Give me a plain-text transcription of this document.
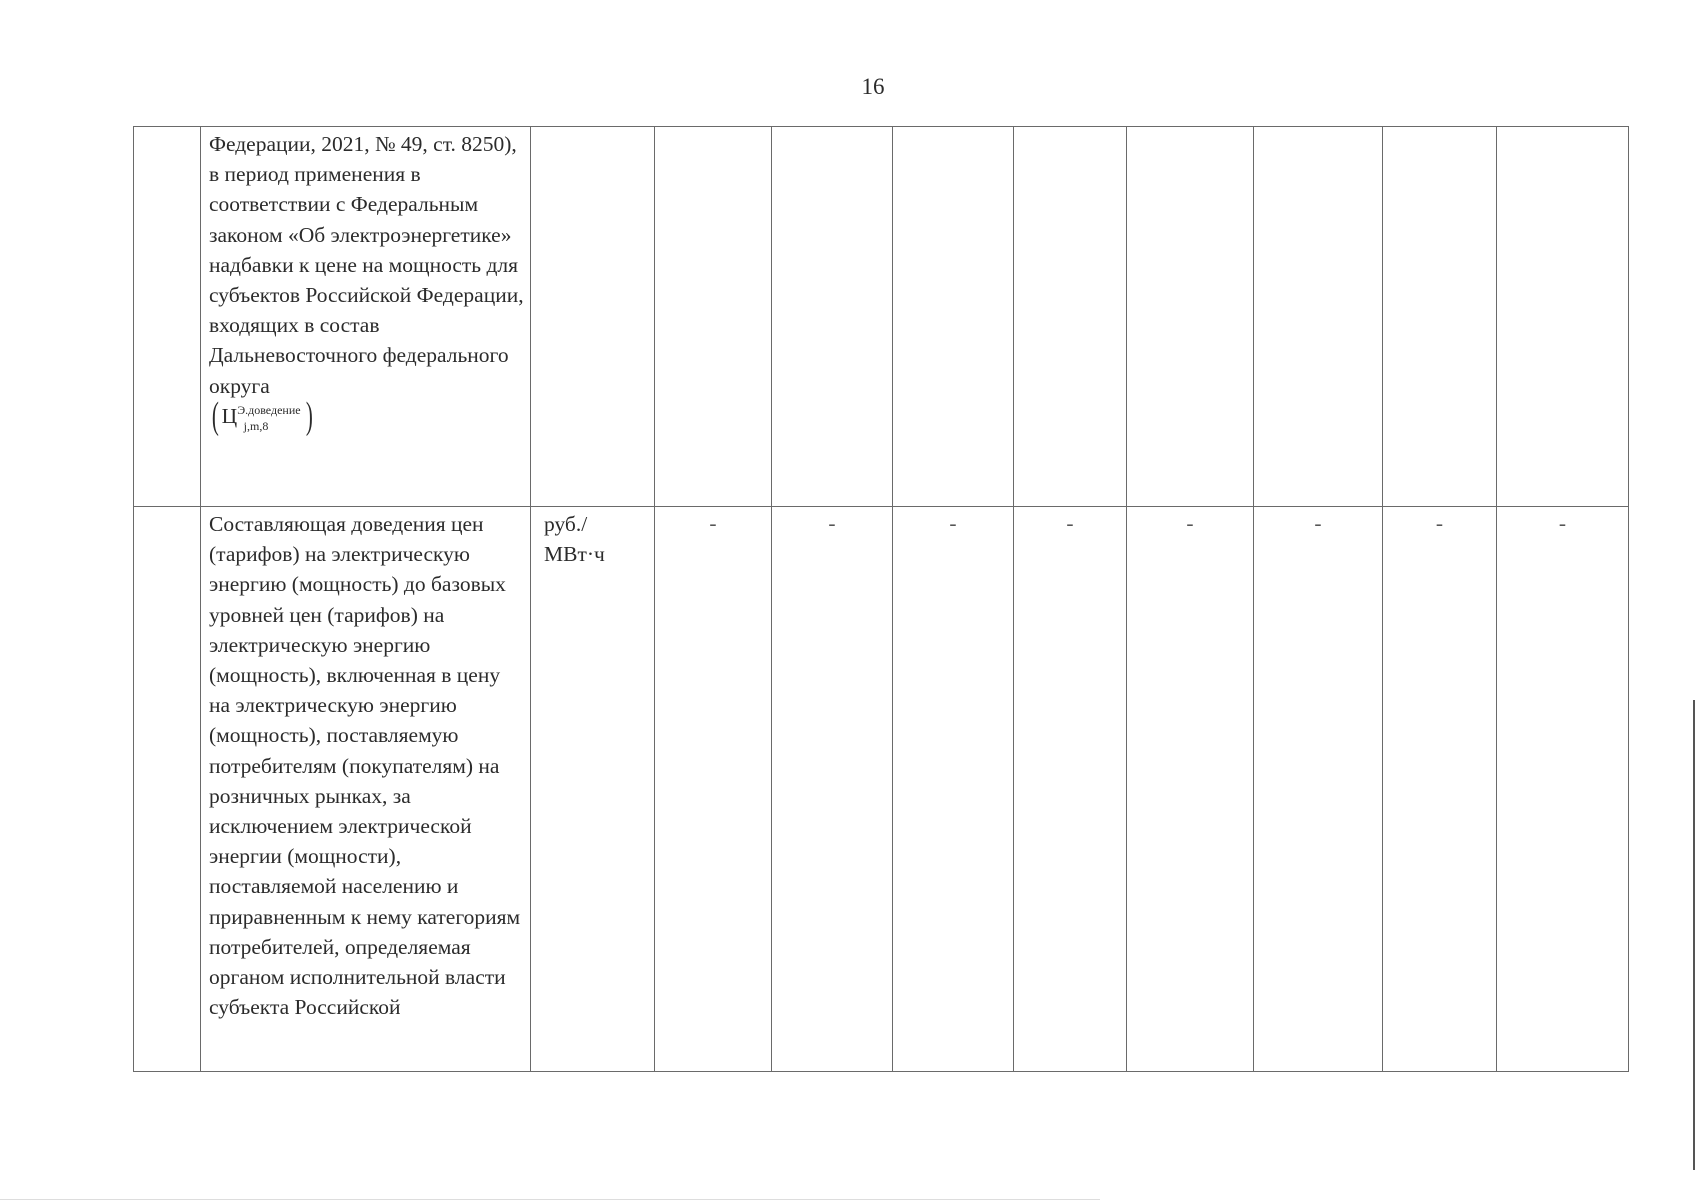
16
	Федерации, 2021, № 49, ст. 8250), в период применения в соответствии с Федеральным законом «Об электроэнергетике» надбавки к цене на мощность для субъектов Российской Федерации, входящих в состав Дальневосточного федерального округа

( $Ц^{Э.доведение}$
j,m,8 )									

	Составляющая доведения цен (тарифов) на электрическую энергию (мощность) до базовых уровней цен (тарифов) на электрическую энергию (мощность), включенная в цену на электрическую энергию (мощность), поставляемую потребителям (покупателям) на розничных рынках, за исключением электрической энергии (мощности), поставляемой населению и приравненным к нему категориям потребителей, определяемая органом исполнительной власти субъекта Российской	руб./
МВт·ч	-	-	-	-	-	-	-	-
